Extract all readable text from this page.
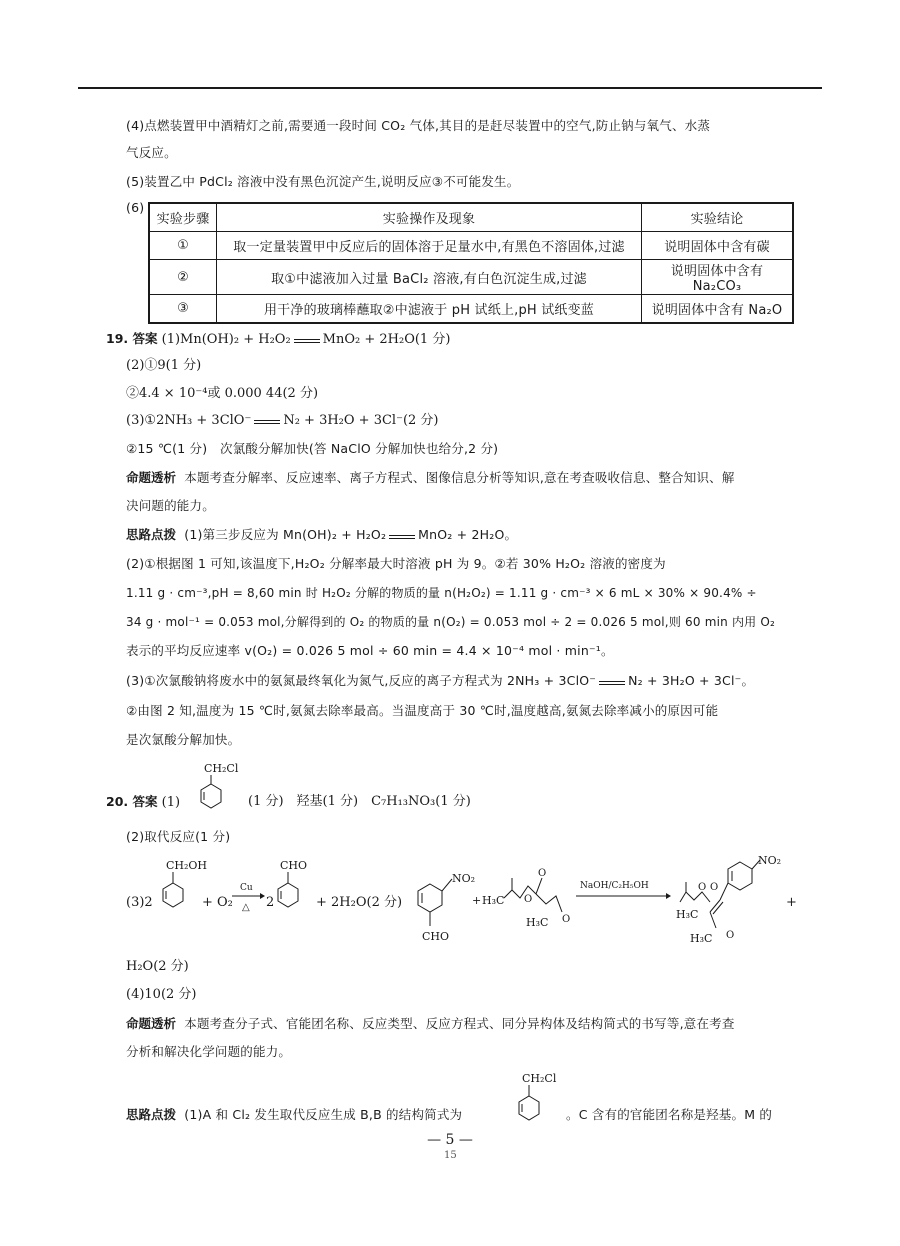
(4)点燃装置甲中酒精灯之前,需要通一段时间 CO₂ 气体,其目的是赶尽装置中的空气,防止钠与氧气、水蒸
气反应。
(5)装置乙中 PdCl₂ 溶液中没有黑色沉淀产生,说明反应③不可能发生。
(6)
实验步骤	实验操作及现象	实验结论
①	取一定量装置甲中反应后的固体溶于足量水中,有黑色不溶固体,过滤	说明固体中含有碳
②	取①中滤液加入过量 BaCl₂ 溶液,有白色沉淀生成,过滤	说明固体中含有 Na₂CO₃
③	用干净的玻璃棒蘸取②中滤液于 pH 试纸上,pH 试纸变蓝	说明固体中含有 Na₂O
19. 答案 (1)Mn(OH)₂ + H₂O₂ MnO₂ + 2H₂O(1 分)
(2)①9(1 分)
②4.4 × 10⁻⁴或 0.000 44(2 分)
(3)①2NH₃ + 3ClO⁻ N₂ + 3H₂O + 3Cl⁻(2 分)
②15 ℃(1 分)　次氯酸分解加快(答 NaClO 分解加快也给分,2 分)
命题透析 本题考查分解率、反应速率、离子方程式、图像信息分析等知识,意在考查吸收信息、整合知识、解
决问题的能力。
思路点拨 (1)第三步反应为 Mn(OH)₂ + H₂O₂	MnO₂ + 2H₂O。
(2)①根据图 1 可知,该温度下,H₂O₂ 分解率最大时溶液 pH 为 9。②若 30% H₂O₂ 溶液的密度为
1.11 g · cm⁻³,pH = 8,60 min 时 H₂O₂ 分解的物质的量 n(H₂O₂) = 1.11 g · cm⁻³ × 6 mL × 30% × 90.4% ÷
34 g · mol⁻¹ = 0.053 mol,分解得到的 O₂ 的物质的量 n(O₂) = 0.053 mol ÷ 2 = 0.026 5 mol,则 60 min 内用 O₂
表示的平均反应速率 v(O₂) = 0.026 5 mol ÷ 60 min = 4.4 × 10⁻⁴ mol · min⁻¹。
(3)①次氯酸钠将废水中的氨氮最终氧化为氮气,反应的离子方程式为 2NH₃ + 3ClO⁻	N₂ + 3H₂O + 3Cl⁻。
②由图 2 知,温度为 15 ℃时,氨氮去除率最高。当温度高于 30 ℃时,温度越高,氨氮去除率减小的原因可能
是次氯酸分解加快。
20. 答案 (1)
CH₂Cl
(1 分)　羟基(1 分)　C₇H₁₃NO₃(1 分)
(2)取代反应(1 分)
(3)2
CH₂OH
+ O₂
Cu
△ 2
CHO
+ 2H₂O(2 分)
NO₂
CHO
+ H₃C O
O
O
H₃C
NaOH/C₂H₅OH
NO₂
H₃C
O O
H₃C O
+
H₂O(2 分)
(4)10(2 分)
命题透析 本题考查分子式、官能团名称、反应类型、反应方程式、同分异构体及结构简式的书写等,意在考查
分析和解决化学问题的能力。
思路点拨 (1)A 和 Cl₂ 发生取代反应生成 B,B 的结构简式为
CH₂Cl
。C 含有的官能团名称是羟基。M 的
— 5 —
15
